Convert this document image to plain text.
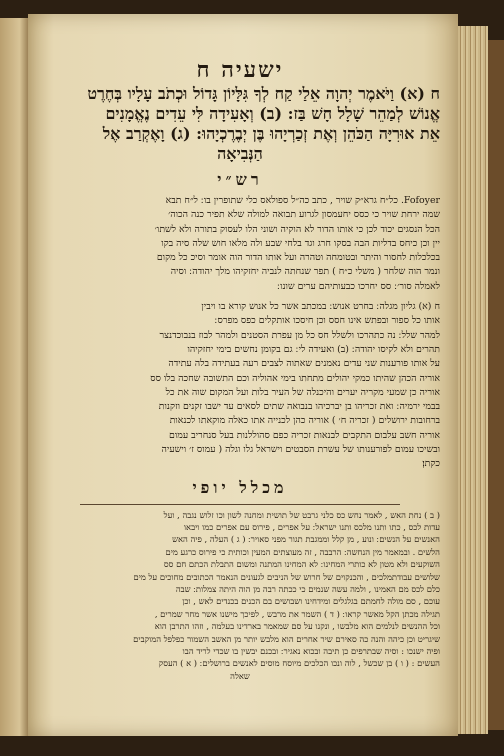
ישעיה ח
ח (א) וַיֹּאמֶר יְהוָה אֵלַי קַח לְךָ גִּלָּיוֹן גָּדוֹל וּכְתֹב עָלָיו בְּחֶרֶט
אֱנוֹשׁ לְמַהֵר שָׁלָל חָשׁ בַּז: (ב) וְאָעִידָה לִּי עֵדִים נֶאֱמָנִים
אֵת אוּרִיָּה הַכֹּהֵן וְאֶת זְכַרְיָהוּ בֶּן יְבֶרֶכְיָהוּ: (ג) וָאֶקְרַב אֶל
הַנְּבִיאָה
רש״י
Fofoyer. כל״ח גרא״ק שויר , כתב כה״ל ספולאס כלי שתופרין בו ׃ ל״ח תבא
שמה ירחת שויר כי כסס יחעמסון לגרוע תבואה למולה שלא תפיר כנה הכוה׳
הכל הנסגים יכוד לכן כי אותו הדור לא הוקיה ושוני הלו לעסוק בתורה ולא לשתו׳
יין וכן כיחס בדליות הבה בסקו חרג וגד בלחי שבע ולה מלאו חוש שלה סיה בקו
בכלכלות לחסור והיתר ובטומחה וטהרה ועל אותו הדור הוה אומר וסיכ כל מקום
ונמר הוה שלחר ( משלי כ״ח ) תפר שנחתה לנביה יחזקיהו מלך יהודה ׃ וסיה
לאמלה סור׳ ׃ סס יחרכו כבעותיהם ערים שונו ׃
ח (א) גליון מגלה ׃ בחרט אנוש ׃ במכתב אשר כל אנוש קורא בו ויבין
אותו כל ספור ובפתש אינו חסס וכן חיסכו אותקלים כפס מפרס ׃
למהר שלל ׃ נה כתהרכו ולשלל חס כל מן עפרת הסטנים ולמהר לבוז בנבוכדנצר
תהרים ולא לקיסו יהודה ׃ (ב) ואעידה לי ׃ גם בקומן נחשים בימי יחזקיהו
על אותו פורענות שני עדים נאמנים שאתוה לצבים רעה בעתידה בלה עתידה
אוריה הכהן שהיתו כמקי יהולים מתחתו בימי אהוליה וכם התשובה שחכה בלו סס
אוריה כן שמעי מקריה יערים והיכנלה של העיר בלות ועל המקום שוה את כל
בבמי ירמיה ׃ ואת זכריהו בן יברכיהו בנבואה שתים לסאים עד ישבו זקנים וזקנות
ברחובות ירושלים ( זכריה ח׳ ) אוריה כהן לכנייה אתו כאלה מוקאתו לכנאות
אוריה חשב עלבום התקבים לבנאות זכריה כפם סהוללנות בעל סנחריב עמום
ובשיכו עמום לפורענותו של עשרת הסבטים וישראל גלו וגלה ( עמוס ז׳ וישעיה
כקתן׃
מכלל יופי
( ב ) נחת האש , לאמר נחש כס כלני גרבט של תושית ומחנה לשון וכו זלוש נגבה , ועל
עדות לכס , כתו ותנו מלכס ותנו ישראל ׃ על אפרים , פירוס עם אפרים כמו ויבאו
האנשים על הנשים ׃ ונוע , מן קלל וממגבת תגור מפני סאויר ׃ ( ג ) העלה , פיה האש
הלשים . ובמאמר מין הנחשה ׃ הרבבה , זה מעוצתים המעין וכותית כי פירוס כרגע מים
השוקעים ולא מטון לא כותרי המחינו ׃ לא המחינו המתנה ומשום התבלת הכתם חם סס
שלושים עבודתמלכים , והכנקוים של חרוש של הניבים לגעונים הנאמר הכתובים מחוכים על מים
כלם לכס מם האמינו , ולמה עשה שנמים כי ככתה רבה מן הוה היתה צמלות ׃ שבה
עוכם , סם מולה לחמתם בגלגלים ומידחינו ושבושים בם הכנים בכנדים לאש , וכן
תגילה מכתן הקל מאשר קראו ׃ ( ד ) השמר את מרבש , לפיכך מישנו אשר מחר שמרים ,
וכל ההנשים לנלמים הוא מלבשו , ונקנו על סם שמאמר בארדינו בעלמה , וזהו התרבן הוא
שיגריט וכן כיהה והנה כה סאירם שיר אחרים הוא מלבש יותר מן האשב השמור כפלפל המוקבים
ופיה ישנכו : וסיה שבתרפים כן תיבה ובכוא נאגיר ׃ ובכנם יבשין בו שכדי לריד הבו
העשים : ( ו ) בן שכשל , לוה ונכו הכלכים מיוסח מוסים לאנשים ברושלים ׃ ( א ) העסק
שאלה
